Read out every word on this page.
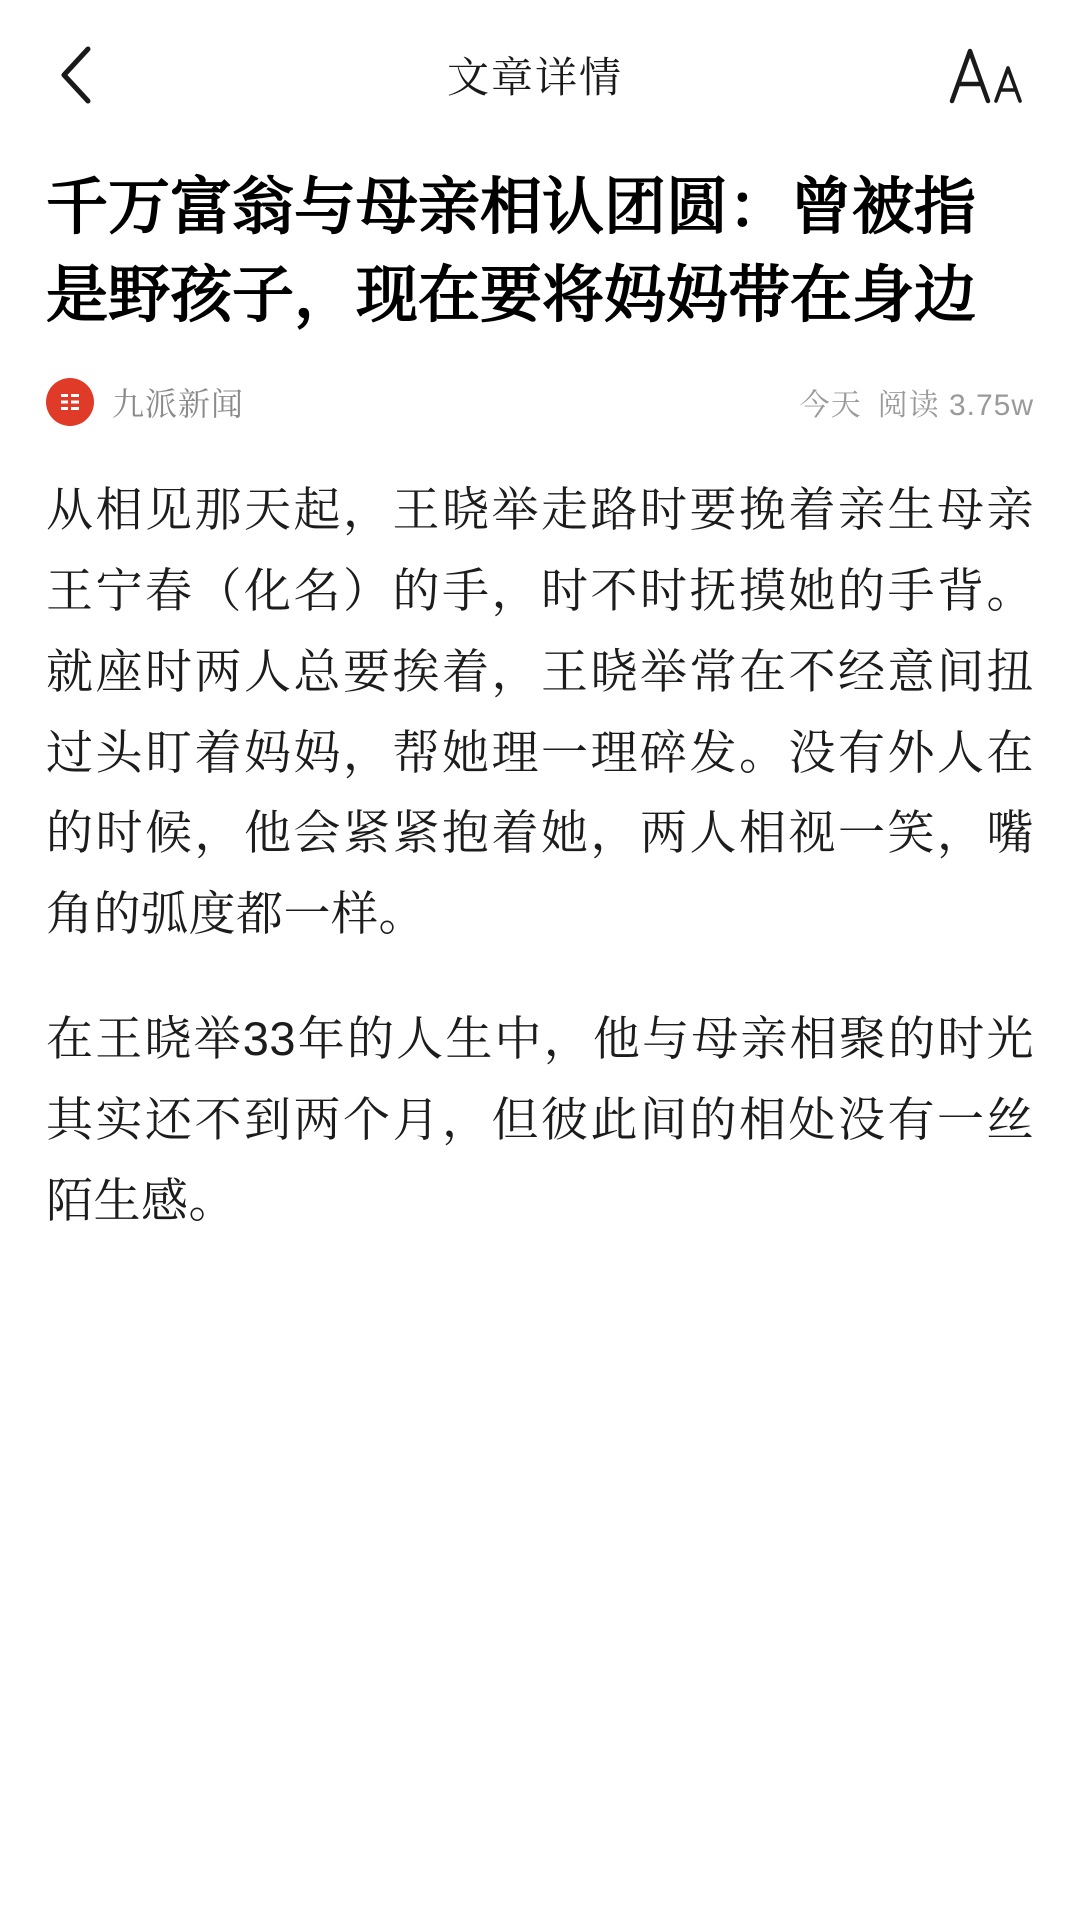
文章详情
千万富翁与母亲相认团圆：曾被指是野孩子，现在要将妈妈带在身边
九派新闻	今天 阅读 3.75w

从相见那天起，王晓举走路时要挽着亲生母亲王宁春（化名）的手，时不时抚摸她的手背。就座时两人总要挨着，王晓举常在不经意间扭过头盯着妈妈，帮她理一理碎发。没有外人在的时候，他会紧紧抱着她，两人相视一笑，嘴角的弧度都一样。

在王晓举33年的人生中，他与母亲相聚的时光其实还不到两个月，但彼此间的相处没有一丝陌生感。
